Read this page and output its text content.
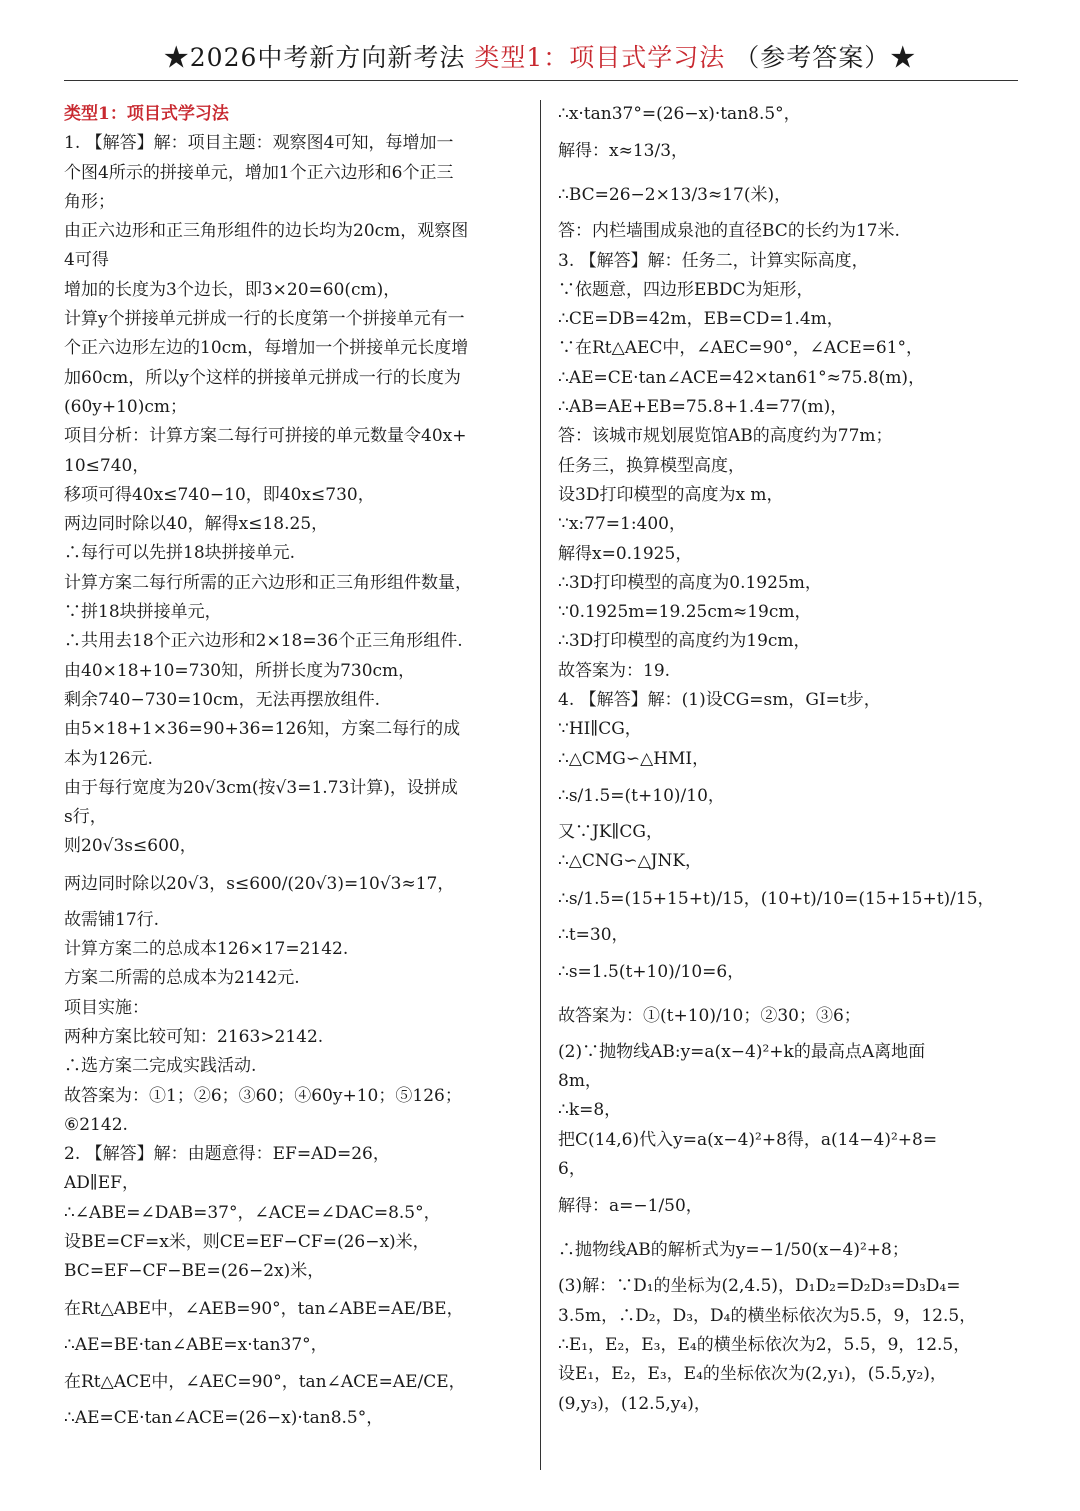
★2026中考新方向新考法 类型1：项目式学习法 （参考答案）★
类型1：项目式学习法
1. 【解答】解：项目主题：观察图4可知，每增加一
个图4所示的拼接单元，增加1个正六边形和6个正三
角形；
由正六边形和正三角形组件的边长均为20cm，观察图
4可得
增加的长度为3个边长，即3×20=60(cm)，
计算y个拼接单元拼成一行的长度第一个拼接单元有一
个正六边形左边的10cm，每增加一个拼接单元长度增
加60cm，所以y个这样的拼接单元拼成一行的长度为
(60y+10)cm；
项目分析：计算方案二每行可拼接的单元数量令40x+
10≤740，
移项可得40x≤740−10，即40x≤730，
两边同时除以40，解得x≤18.25，
∴每行可以先拼18块拼接单元.
计算方案二每行所需的正六边形和正三角形组件数量，
∵拼18块拼接单元，
∴共用去18个正六边形和2×18=36个正三角形组件.
由40×18+10=730知，所拼长度为730cm，
剩余740−730=10cm，无法再摆放组件.
由5×18+1×36=90+36=126知，方案二每行的成
本为126元.
由于每行宽度为20√3cm(按√3=1.73计算)，设拼成
s行，
则20√3s≤600，
两边同时除以20√3，s≤600/(20√3)=10√3≈17，
故需铺17行.
计算方案二的总成本126×17=2142.
方案二所需的总成本为2142元.
项目实施：
两种方案比较可知：2163>2142.
∴选方案二完成实践活动.
故答案为：①1；②6；③60；④60y+10；⑤126；
⑥2142.
2. 【解答】解：由题意得：EF=AD=26，
AD∥EF，
∴∠ABE=∠DAB=37°，∠ACE=∠DAC=8.5°，
设BE=CF=x米，则CE=EF−CF=(26−x)米，
BC=EF−CF−BE=(26−2x)米，
在Rt△ABE中，∠AEB=90°，tan∠ABE=AE/BE，
∴AE=BE·tan∠ABE=x·tan37°，
在Rt△ACE中，∠AEC=90°，tan∠ACE=AE/CE，
∴AE=CE·tan∠ACE=(26−x)·tan8.5°，
∴x·tan37°=(26−x)·tan8.5°，
解得：x≈13/3，
∴BC=26−2×13/3≈17(米)，
答：内栏墙围成泉池的直径BC的长约为17米.
3. 【解答】解：任务二，计算实际高度，
∵依题意，四边形EBDC为矩形，
∴CE=DB=42m，EB=CD=1.4m，
∵在Rt△AEC中，∠AEC=90°，∠ACE=61°，
∴AE=CE·tan∠ACE=42×tan61°≈75.8(m)，
∴AB=AE+EB=75.8+1.4=77(m)，
答：该城市规划展览馆AB的高度约为77m；
任务三，换算模型高度，
设3D打印模型的高度为x m，
∵x:77=1:400，
解得x=0.1925，
∴3D打印模型的高度为0.1925m，
∵0.1925m=19.25cm≈19cm，
∴3D打印模型的高度约为19cm，
故答案为：19.
4. 【解答】解：(1)设CG=sm，GI=t步，
∵HI∥CG，
∴△CMG∽△HMI，
∴s/1.5=(t+10)/10，
又∵JK∥CG，
∴△CNG∽△JNK，
∴s/1.5=(15+15+t)/15，(10+t)/10=(15+15+t)/15，
∴t=30，
∴s=1.5(t+10)/10=6，
故答案为：①(t+10)/10；②30；③6；
(2)∵抛物线AB:y=a(x−4)²+k的最高点A离地面
8m，
∴k=8，
把C(14,6)代入y=a(x−4)²+8得，a(14−4)²+8=
6，
解得：a=−1/50，
∴抛物线AB的解析式为y=−1/50(x−4)²+8；
(3)解：∵D₁的坐标为(2,4.5)，D₁D₂=D₂D₃=D₃D₄=
3.5m，∴D₂，D₃，D₄的横坐标依次为5.5，9，12.5，
∴E₁，E₂，E₃，E₄的横坐标依次为2，5.5，9，12.5，
设E₁，E₂，E₃，E₄的坐标依次为(2,y₁)，(5.5,y₂)，
(9,y₃)，(12.5,y₄)，
